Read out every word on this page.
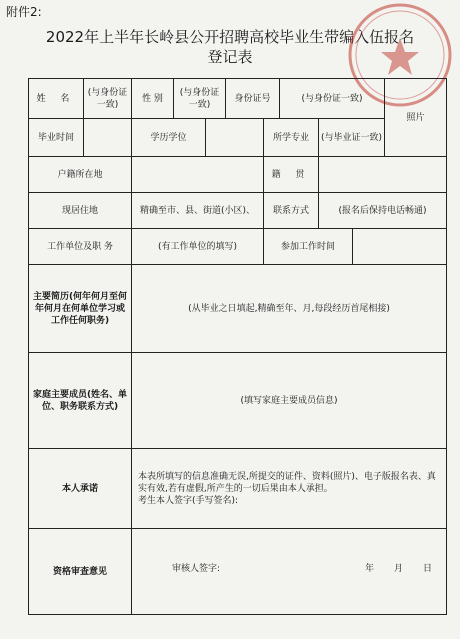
附件2:
2022年上半年长岭县公开招聘高校毕业生带编入伍报名
登记表
姓 名	(与身份证一致)	性 别	(与身份证一致)		身份证号		(与身份证一致)			照片
毕业时间		学历学位				所学专业		(与毕业证一致)		
户籍所在地						籍 贯				
现居住地		精确至市、县、街道(小区)、				联系方式		(报名后保持电话畅通)		
工作单位及职 务		(有工作单位的填写)				参加工作时间				
主要简历(何年何月至何年何月在何单位学习或工作任何职务)		(从毕业之日填起,精确至年、月,每段经历首尾相接)								
家庭主要成员(姓名、单位、职务联系方式)		(填写家庭主要成员信息)								
本人承诺		本表所填写的信息准确无误,所提交的证件、资料(照片)、电子版报名表、真实有效,若有虚假,所产生的一切后果由本人承担。
考生本人签字(手写签名):								

资格审查意见		审核人签字: 年 月 日								
